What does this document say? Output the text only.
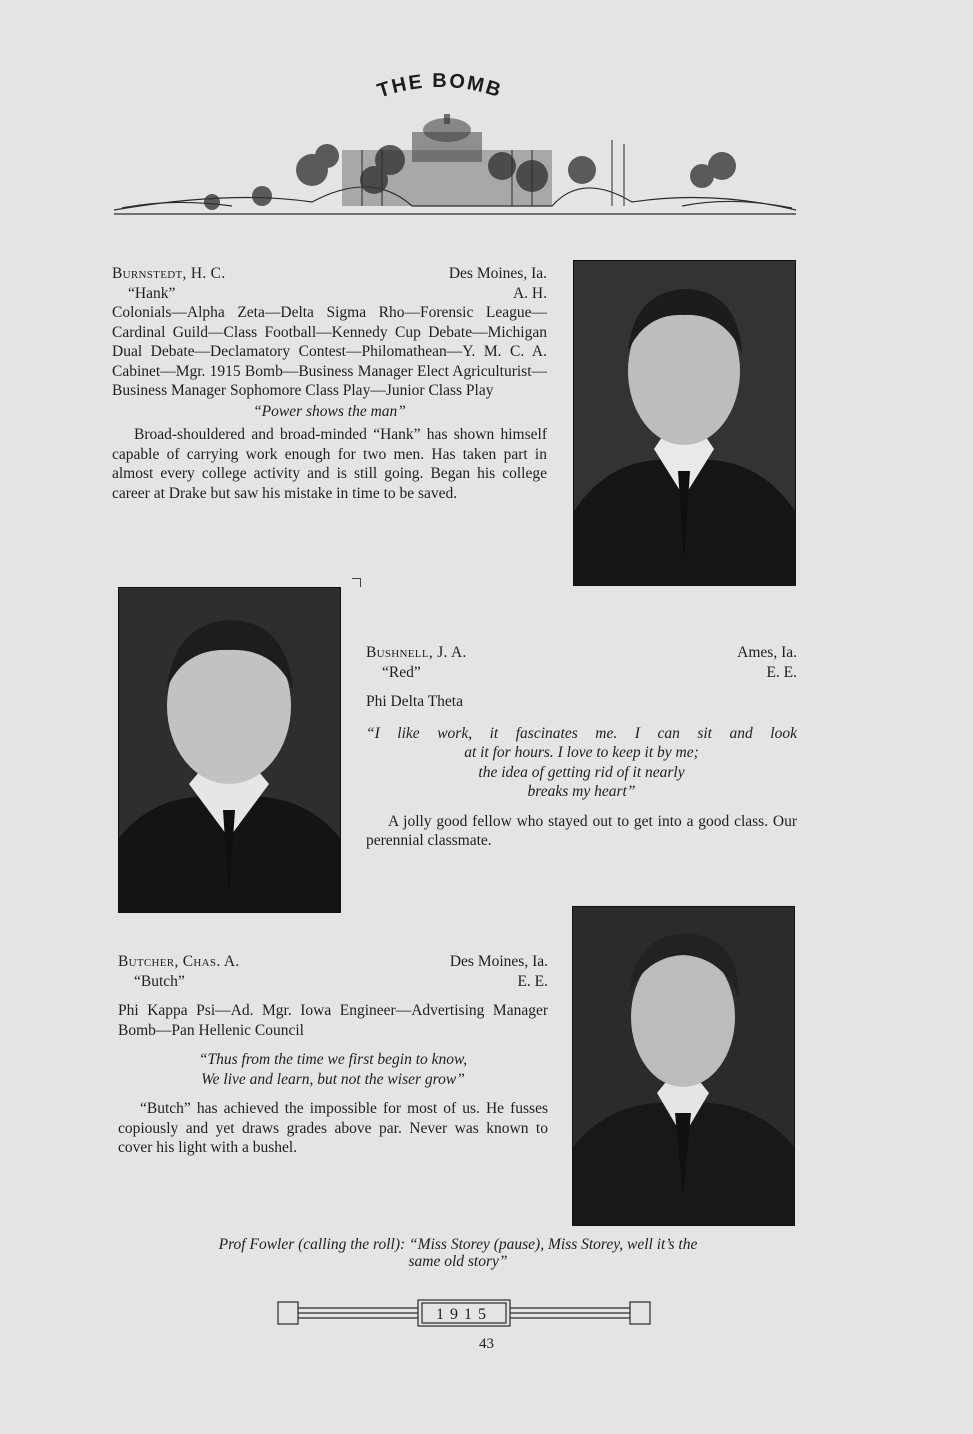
THE BOMB
Burnstedt, H. C.	Des Moines, Ia.
“Hank”	A. H.
Colonials—Alpha Zeta—Delta Sigma Rho—Forensic League—Cardinal Guild—Class Football—Kennedy Cup Debate—Michigan Dual Debate—Declamatory Contest—Philomathean—Y. M. C. A. Cabinet—Mgr. 1915 Bomb—Business Manager Elect Agriculturist—Business Manager Sophomore Class Play—Junior Class Play
“Power shows the man”
Broad-shouldered and broad-minded “Hank” has shown himself capable of carrying work enough for two men. Has taken part in almost every college activity and is still going. Began his college career at Drake but saw his mistake in time to be saved.
Bushnell, J. A.	Ames, Ia.
“Red”	E. E.
Phi Delta Theta
“I like work, it fascinates me. I can sit and look
at it for hours. I love to keep it by me;
the idea of getting rid of it nearly
breaks my heart”
A jolly good fellow who stayed out to get into a good class. Our perennial classmate.
Butcher, Chas. A.	Des Moines, Ia.
“Butch”	E. E.
Phi Kappa Psi—Ad. Mgr. Iowa Engineer—Advertising Manager Bomb—Pan Hellenic Council
“Thus from the time we first begin to know,
We live and learn, but not the wiser grow”
“Butch” has achieved the impossible for most of us. He fusses copiously and yet draws grades above par. Never was known to cover his light with a bushel.
Prof Fowler (calling the roll): “Miss Storey (pause), Miss Storey, well it’s the
same old story”
1915
43
